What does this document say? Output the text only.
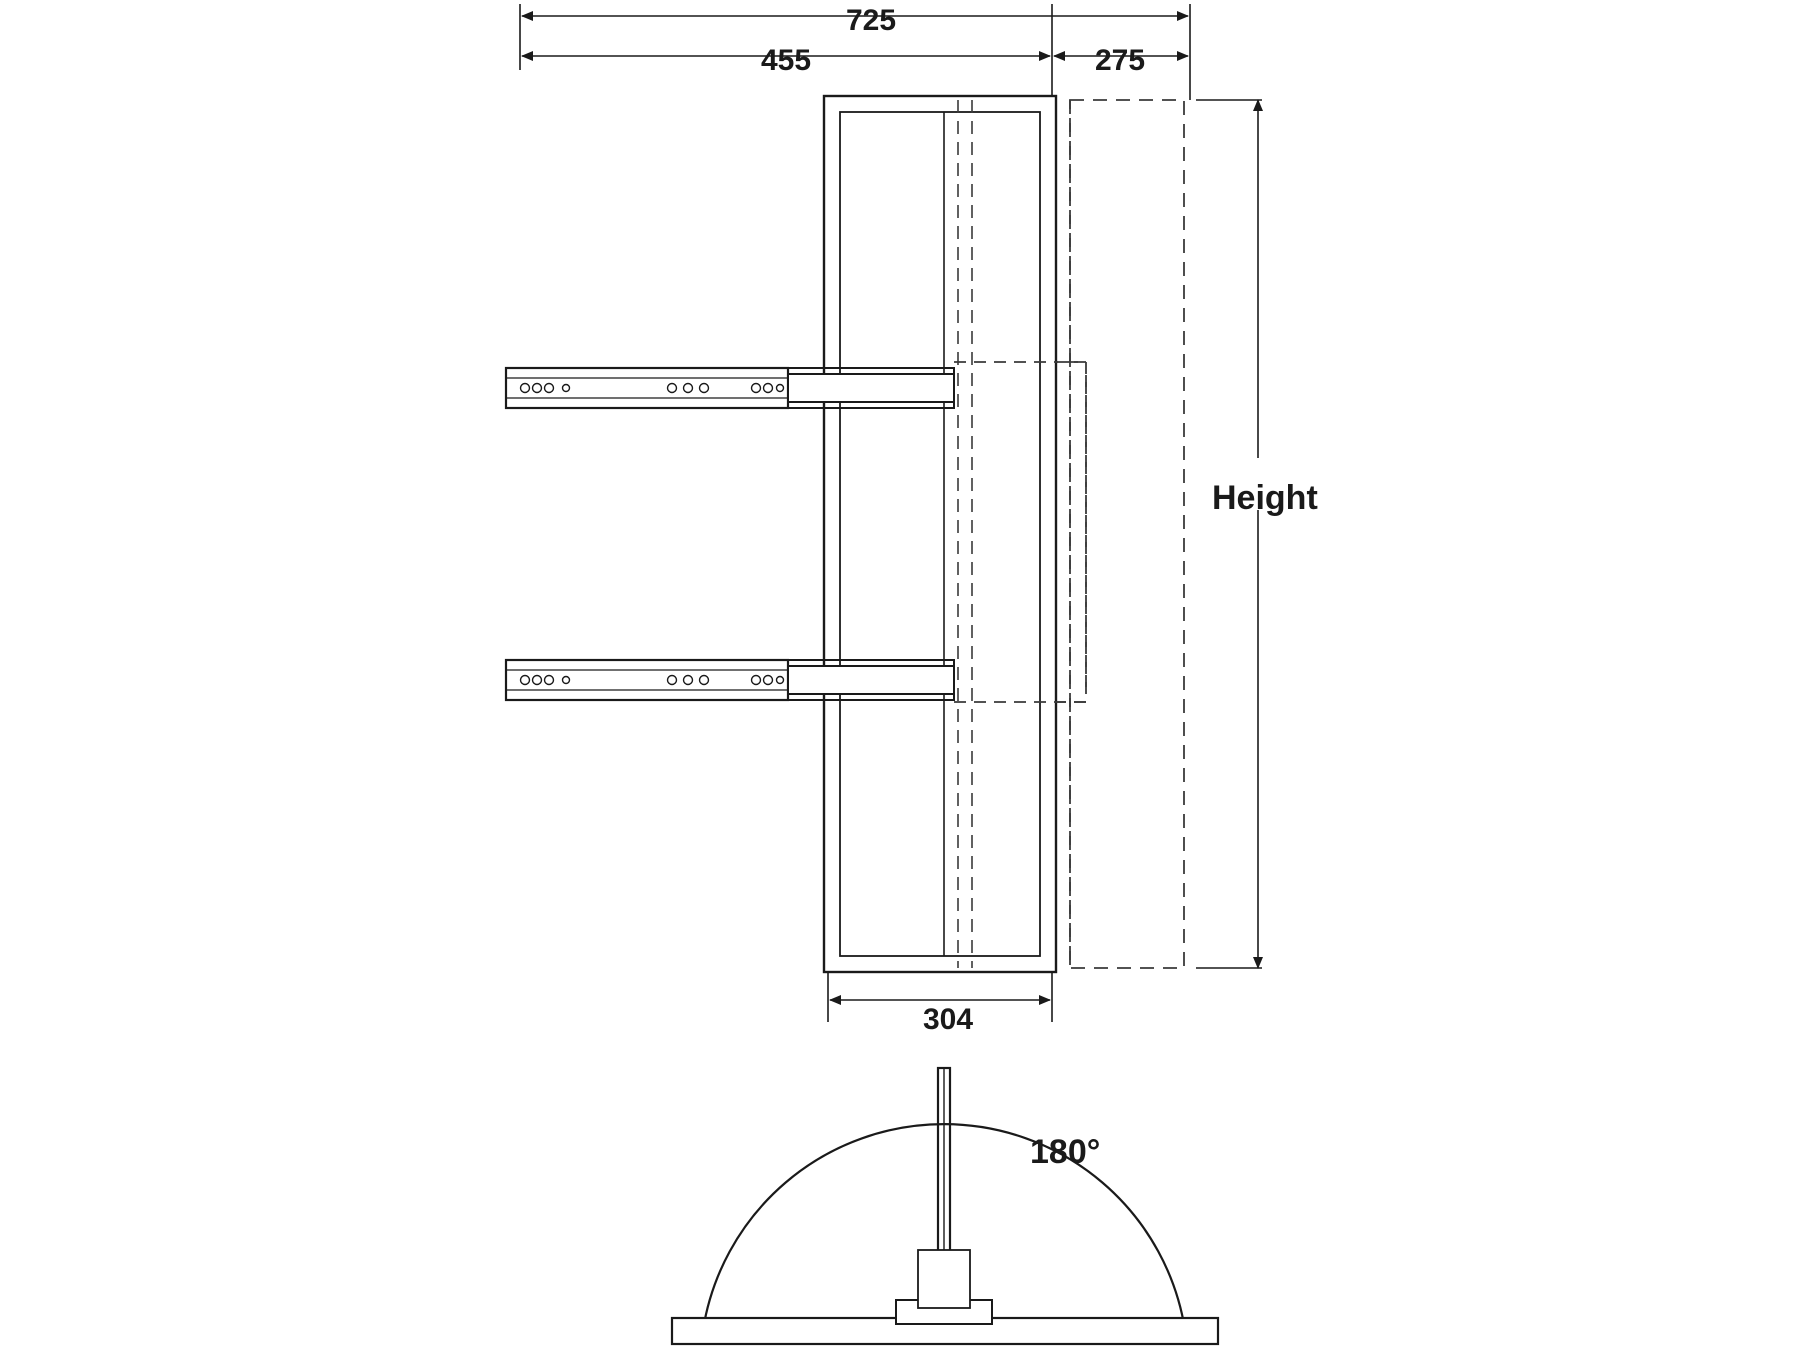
725
455	275
Height
304
180°
